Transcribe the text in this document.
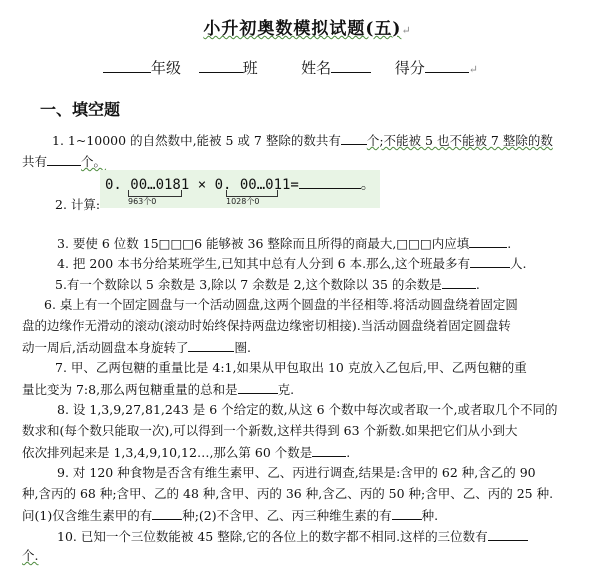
小升初奥数模拟试题(五)↵
年级	班	姓名	得分	↵
一、填空题
1. 1~10000 的自然数中,能被 5 或 7 整除的数共有 个;不能被 5 也不能被 7 整除的数
共有	个。
0. 00…0181 × 0. 00…011=	。
963个0	1028个0
2. 计算:
3. 要使 6 位数 15□□□6 能够被 36 整除而且所得的商最大,□□□内应填	.
4. 把 200 本书分给某班学生,已知其中总有人分到 6 本.那么,这个班最多有	人.
5.有一个数除以 5 余数是 3,除以 7 余数是 2,这个数除以 35 的余数是	.
6. 桌上有一个固定圆盘与一个活动圆盘,这两个圆盘的半径相等.将活动圆盘绕着固定圆
盘的边缘作无滑动的滚动(滚动时始终保持两盘边缘密切相接).当活动圆盘绕着固定圆盘转
动一周后,活动圆盘本身旋转了	圈.
7. 甲、乙两包糖的重量比是 4:1,如果从甲包取出 10 克放入乙包后,甲、乙两包糖的重
量比变为 7:8,那么两包糖重量的总和是	克.
8. 设 1,3,9,27,81,243 是 6 个给定的数,从这 6 个数中每次或者取一个,或者取几个不同的
数求和(每个数只能取一次),可以得到一个新数,这样共得到 63 个新数.如果把它们从小到大
依次排列起来是 1,3,4,9,10,12…,那么第 60 个数是	.
9. 对 120 种食物是否含有维生素甲、乙、丙进行调查,结果是:含甲的 62 种,含乙的 90
种,含丙的 68 种;含甲、乙的 48 种,含甲、丙的 36 种,含乙、丙的 50 种;含甲、乙、丙的 25 种.
问(1)仅含维生素甲的有 种;(2)不含甲、乙、丙三种维生素的有 种.
10. 已知一个三位数能被 45 整除,它的各位上的数字都不相同.这样的三位数有
个.
